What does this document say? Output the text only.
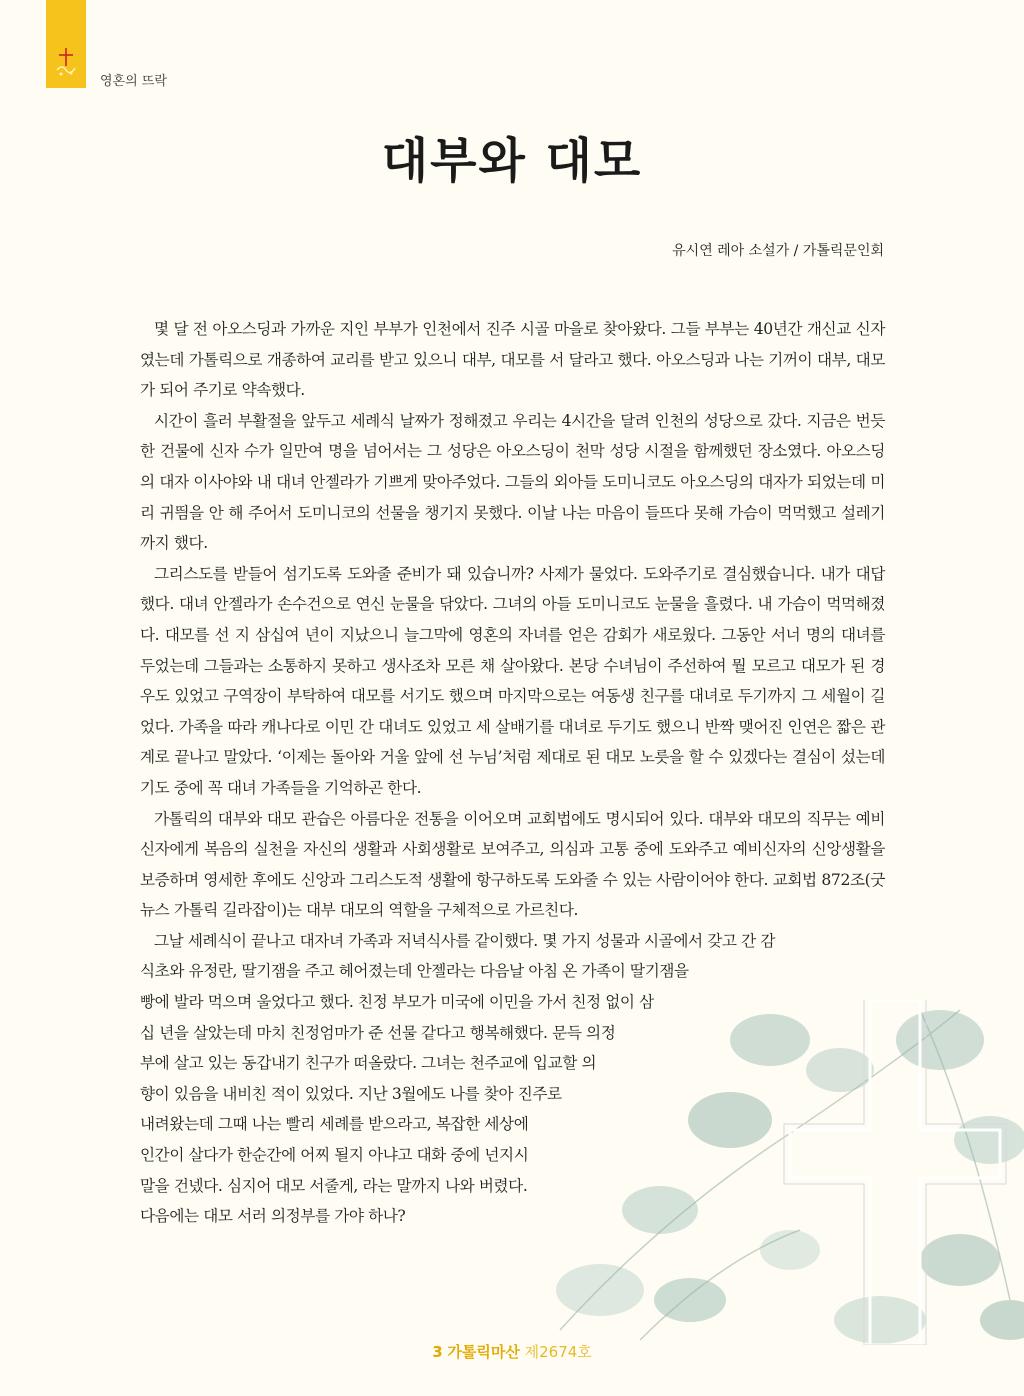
영혼의 뜨락
대부와 대모
유시연 레아 소설가 / 가톨릭문인회

몇 달 전 아오스딩과 가까운 지인 부부가 인천에서 진주 시골 마을로 찾아왔다. 그들 부부는 40년간 개신교 신자였는데 가톨릭으로 개종하여 교리를 받고 있으니 대부, 대모를 서 달라고 했다. 아오스딩과 나는 기꺼이 대부, 대모가 되어 주기로 약속했다.

시간이 흘러 부활절을 앞두고 세례식 날짜가 정해졌고 우리는 4시간을 달려 인천의 성당으로 갔다. 지금은 번듯한 건물에 신자 수가 일만여 명을 넘어서는 그 성당은 아오스딩이 천막 성당 시절을 함께했던 장소였다. 아오스딩의 대자 이사야와 내 대녀 안젤라가 기쁘게 맞아주었다. 그들의 외아들 도미니코도 아오스딩의 대자가 되었는데 미리 귀띔을 안 해 주어서 도미니코의 선물을 챙기지 못했다. 이날 나는 마음이 들뜨다 못해 가슴이 먹먹했고 설레기까지 했다.

그리스도를 받들어 섬기도록 도와줄 준비가 돼 있습니까? 사제가 물었다. 도와주기로 결심했습니다. 내가 대답했다. 대녀 안젤라가 손수건으로 연신 눈물을 닦았다. 그녀의 아들 도미니코도 눈물을 흘렸다. 내 가슴이 먹먹해졌다. 대모를 선 지 삼십여 년이 지났으니 늘그막에 영혼의 자녀를 얻은 감회가 새로웠다. 그동안 서너 명의 대녀를 두었는데 그들과는 소통하지 못하고 생사조차 모른 채 살아왔다. 본당 수녀님이 주선하여 뭘 모르고 대모가 된 경우도 있었고 구역장이 부탁하여 대모를 서기도 했으며 마지막으로는 여동생 친구를 대녀로 두기까지 그 세월이 길었다. 가족을 따라 캐나다로 이민 간 대녀도 있었고 세 살배기를 대녀로 두기도 했으니 반짝 맺어진 인연은 짧은 관계로 끝나고 말았다. ‘이제는 돌아와 거울 앞에 선 누님’처럼 제대로 된 대모 노릇을 할 수 있겠다는 결심이 섰는데 기도 중에 꼭 대녀 가족들을 기억하곤 한다.

가톨릭의 대부와 대모 관습은 아름다운 전통을 이어오며 교회법에도 명시되어 있다. 대부와 대모의 직무는 예비신자에게 복음의 실천을 자신의 생활과 사회생활로 보여주고, 의심과 고통 중에 도와주고 예비신자의 신앙생활을 보증하며 영세한 후에도 신앙과 그리스도적 생활에 항구하도록 도와줄 수 있는 사람이어야 한다. 교회법 872조(굿뉴스 가톨릭 길라잡이)는 대부 대모의 역할을 구체적으로 가르친다.

그날 세례식이 끝나고 대자녀 가족과 저녁식사를 같이했다. 몇 가지 성물과 시골에서 갖고 간 감

식초와 유정란, 딸기잼을 주고 헤어졌는데 안젤라는 다음날 아침 온 가족이 딸기잼을
빵에 발라 먹으며 울었다고 했다. 친정 부모가 미국에 이민을 가서 친정 없이 삼
십 년을 살았는데 마치 친정엄마가 준 선물 같다고 행복해했다. 문득 의정
부에 살고 있는 동갑내기 친구가 떠올랐다. 그녀는 천주교에 입교할 의
향이 있음을 내비친 적이 있었다. 지난 3월에도 나를 찾아 진주로
내려왔는데 그때 나는 빨리 세례를 받으라고, 복잡한 세상에
인간이 살다가 한순간에 어찌 될지 아냐고 대화 중에 넌지시
말을 건넸다. 심지어 대모 서줄게, 라는 말까지 나와 버렸다.
다음에는 대모 서러 의정부를 가야 하나?
3 가톨릭마산 제2674호
